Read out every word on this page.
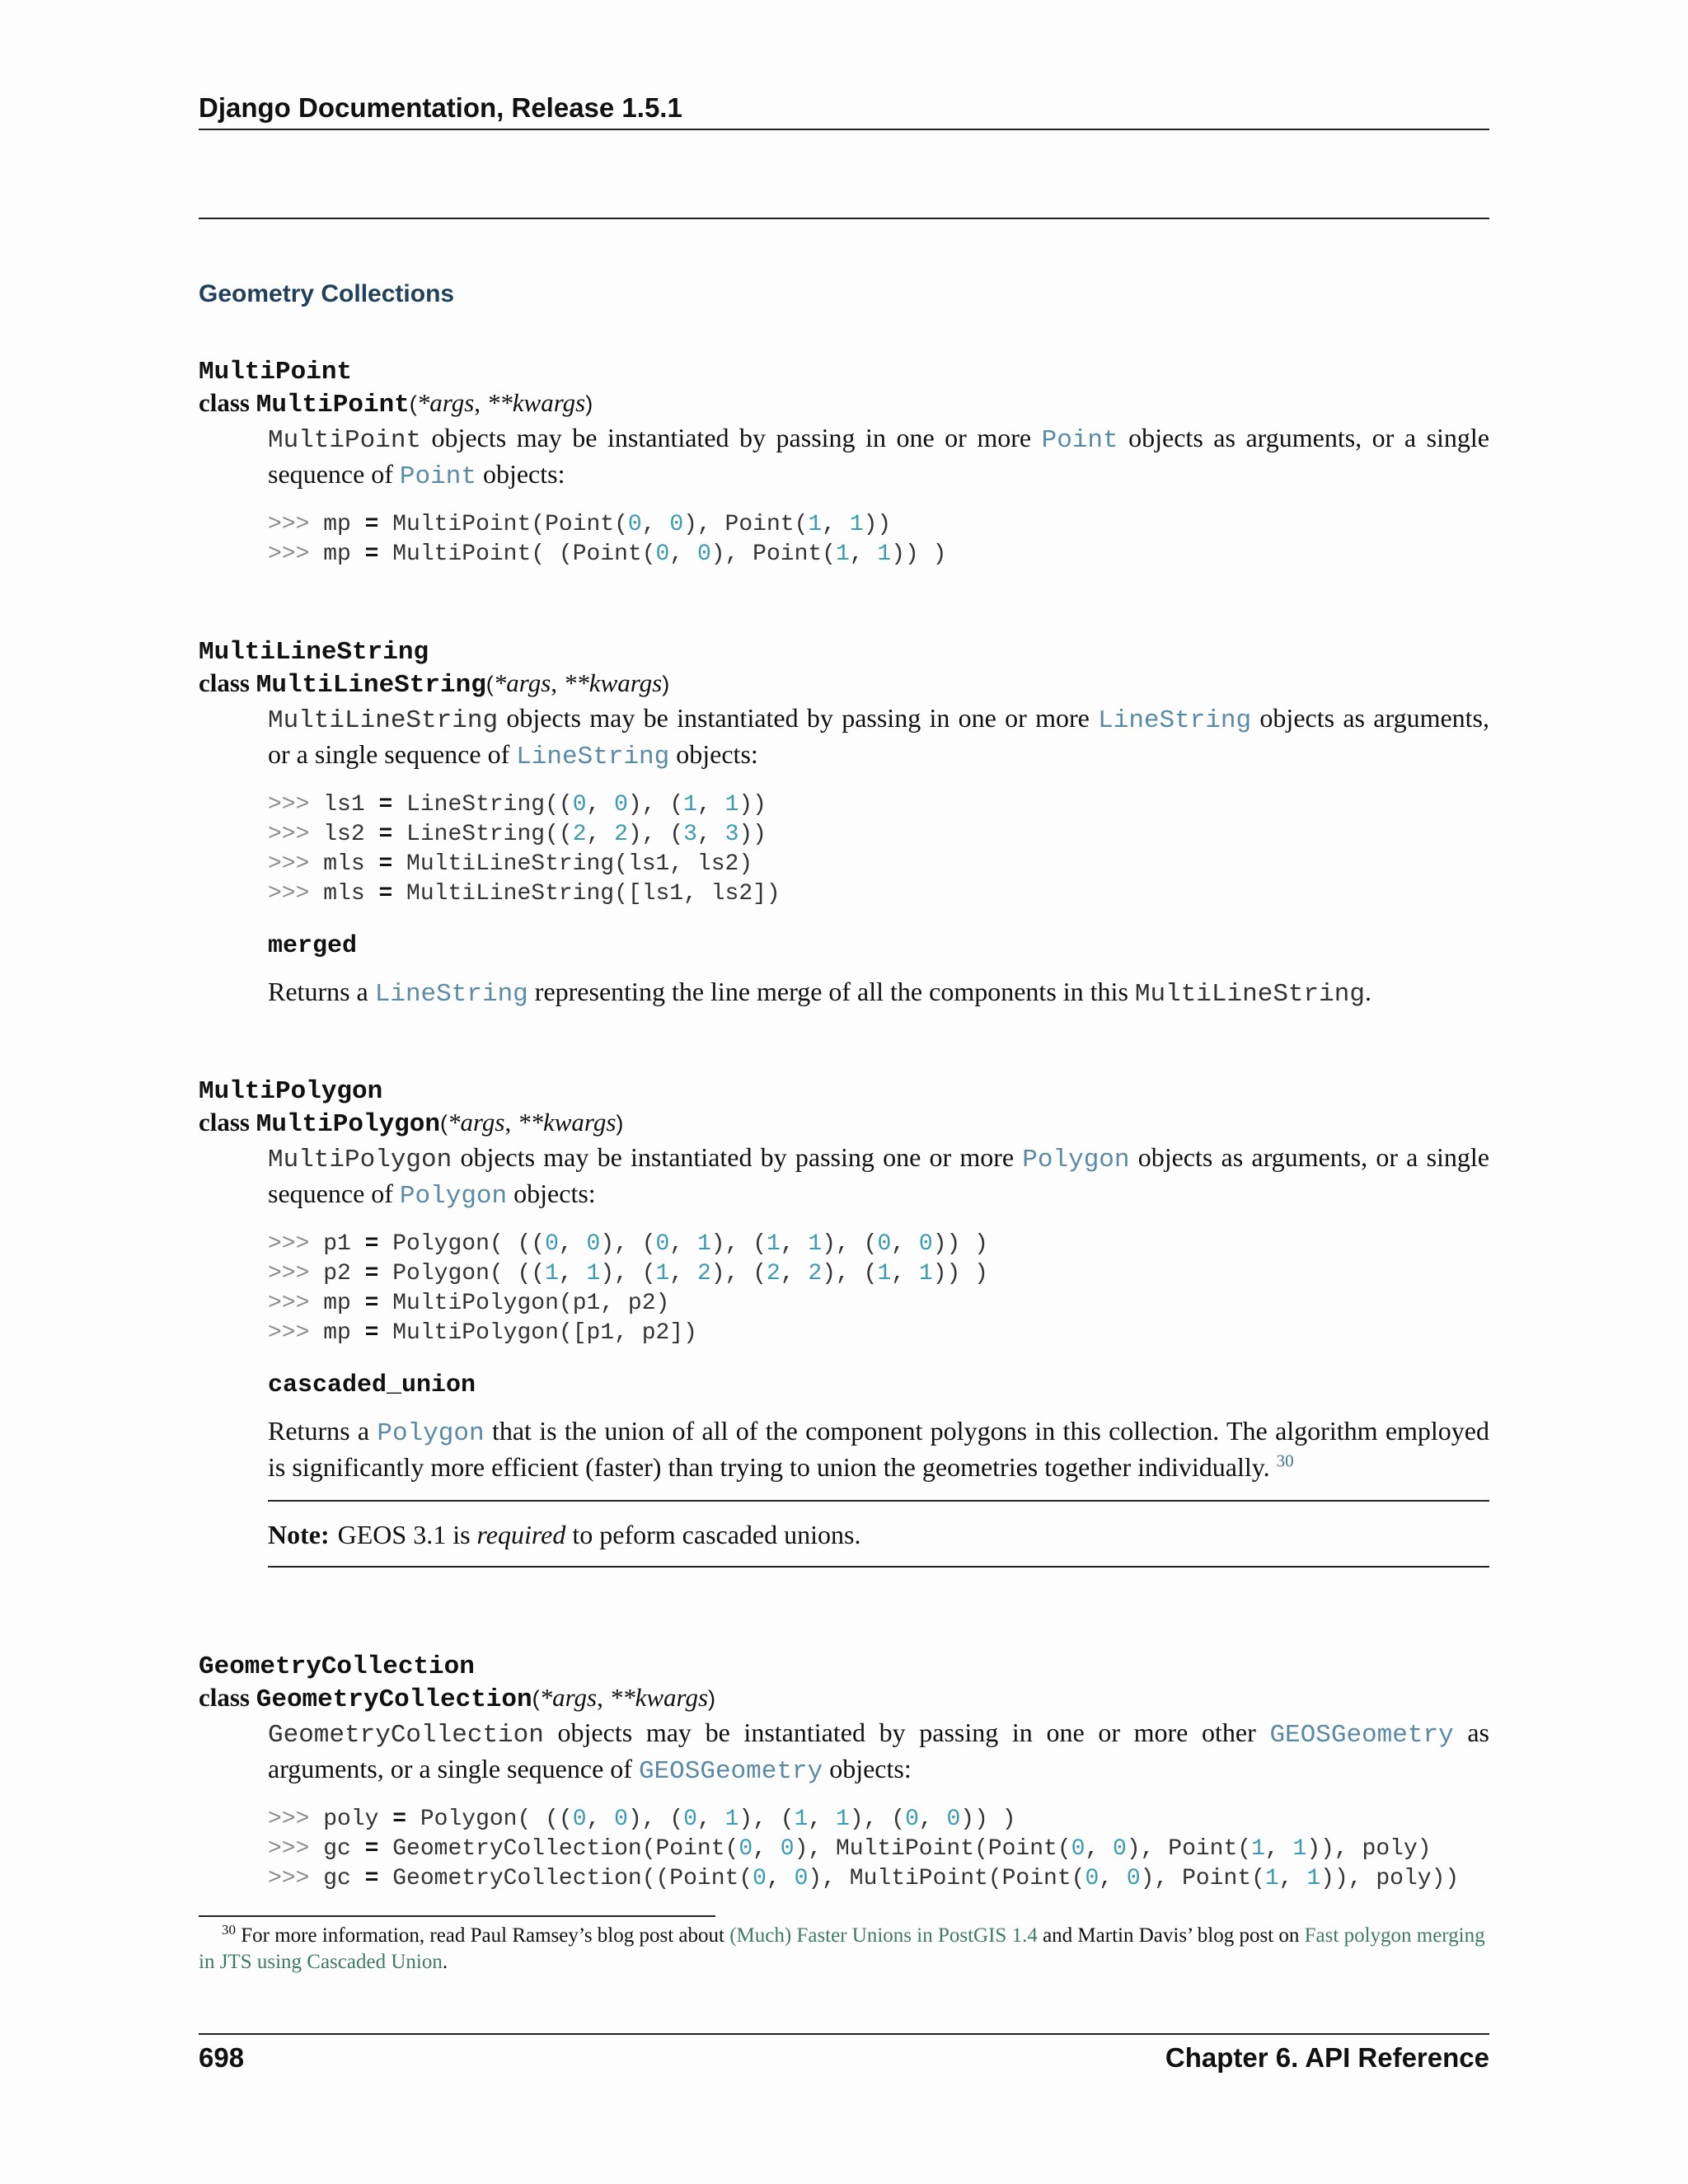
Django Documentation, Release 1.5.1
Geometry Collections
MultiPoint
class MultiPoint(*args, **kwargs)
MultiPoint objects may be instantiated by passing in one or more Point objects as arguments, or a single sequence of Point objects:
>>> mp = MultiPoint(Point(0, 0), Point(1, 1))
>>> mp = MultiPoint( (Point(0, 0), Point(1, 1)) )
MultiLineString
class MultiLineString(*args, **kwargs)
MultiLineString objects may be instantiated by passing in one or more LineString objects as arguments, or a single sequence of LineString objects:
>>> ls1 = LineString((0, 0), (1, 1))
>>> ls2 = LineString((2, 2), (3, 3))
>>> mls = MultiLineString(ls1, ls2)
>>> mls = MultiLineString([ls1, ls2])
merged
Returns a LineString representing the line merge of all the components in this MultiLineString.
MultiPolygon
class MultiPolygon(*args, **kwargs)
MultiPolygon objects may be instantiated by passing one or more Polygon objects as arguments, or a single sequence of Polygon objects:
>>> p1 = Polygon( ((0, 0), (0, 1), (1, 1), (0, 0)) )
>>> p2 = Polygon( ((1, 1), (1, 2), (2, 2), (1, 1)) )
>>> mp = MultiPolygon(p1, p2)
>>> mp = MultiPolygon([p1, p2])
cascaded_union
Returns a Polygon that is the union of all of the component polygons in this collection. The algorithm employed is significantly more efficient (faster) than trying to union the geometries together individually. $^{30}$
Note: GEOS 3.1 is required to peform cascaded unions.
GeometryCollection
class GeometryCollection(*args, **kwargs)
GeometryCollection objects may be instantiated by passing in one or more other GEOSGeometry as arguments, or a single sequence of GEOSGeometry objects:
>>> poly = Polygon( ((0, 0), (0, 1), (1, 1), (0, 0)) )
>>> gc = GeometryCollection(Point(0, 0), MultiPoint(Point(0, 0), Point(1, 1)), poly)
>>> gc = GeometryCollection((Point(0, 0), MultiPoint(Point(0, 0), Point(1, 1)), poly))
$^{30}$ For more information, read Paul Ramsey’s blog post about (Much) Faster Unions in PostGIS 1.4 and Martin Davis’ blog post on Fast polygon merging in JTS using Cascaded Union.
698	Chapter 6. API Reference
